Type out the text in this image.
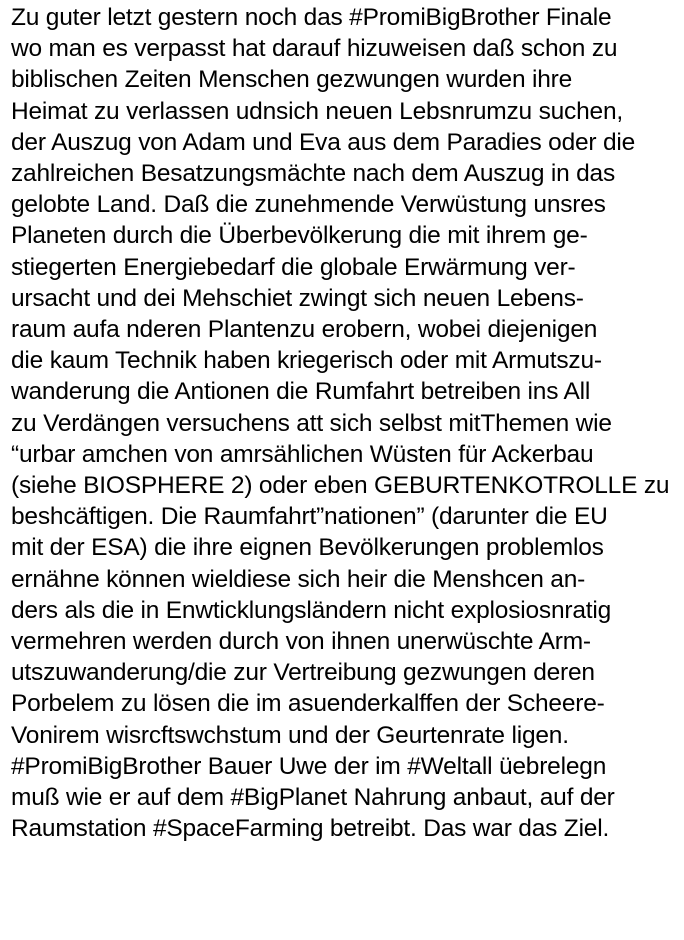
Zu guter letzt gestern noch das #PromiBigBrother Finale
wo man es verpasst hat darauf hizuweisen daß schon zu
biblischen Zeiten Menschen gezwungen wurden ihre
Heimat zu verlassen udnsich neuen Lebsnrumzu suchen,
der Auszug von Adam und Eva aus dem Paradies oder die
zahlreichen Besatzungsmächte nach dem Auszug in das
gelobte Land. Daß die zunehmende Verwüstung unsres
Planeten durch die Überbevölkerung die mit ihrem ge-
stiegerten Energiebedarf die globale Erwärmung ver-
ursacht und dei Mehschiet zwingt sich neuen Lebens-
raum aufa nderen Plantenzu erobern, wobei diejenigen
die kaum Technik haben kriegerisch oder mit Armutszu-
wanderung die Antionen die Rumfahrt betreiben ins All
zu Verdängen versuchens att sich selbst mitThemen wie
“urbar amchen von amrsählichen Wüsten für Ackerbau
(siehe BIOSPHERE 2) oder eben GEBURTENKOTROLLE zu
beshcäftigen. Die Raumfahrt”nationen” (darunter die EU
mit der ESA) die ihre eignen Bevölkerungen problemlos
ernähne können wieldiese sich heir die Menshcen an-
ders als die in Enwticklungsländern nicht explosiosnratig
vermehren werden durch von ihnen unerwüschte Arm-
utszuwanderung/die zur Vertreibung gezwungen deren
Porbelem zu lösen die im asuenderkalffen der Scheere-
Vonirem wisrcftswchstum und der Geurtenrate ligen.
#PromiBigBrother Bauer Uwe der im #Weltall üebrelegn
muß wie er auf dem #BigPlanet Nahrung anbaut, auf der
Raumstation #SpaceFarming betreibt. Das war das Ziel.
